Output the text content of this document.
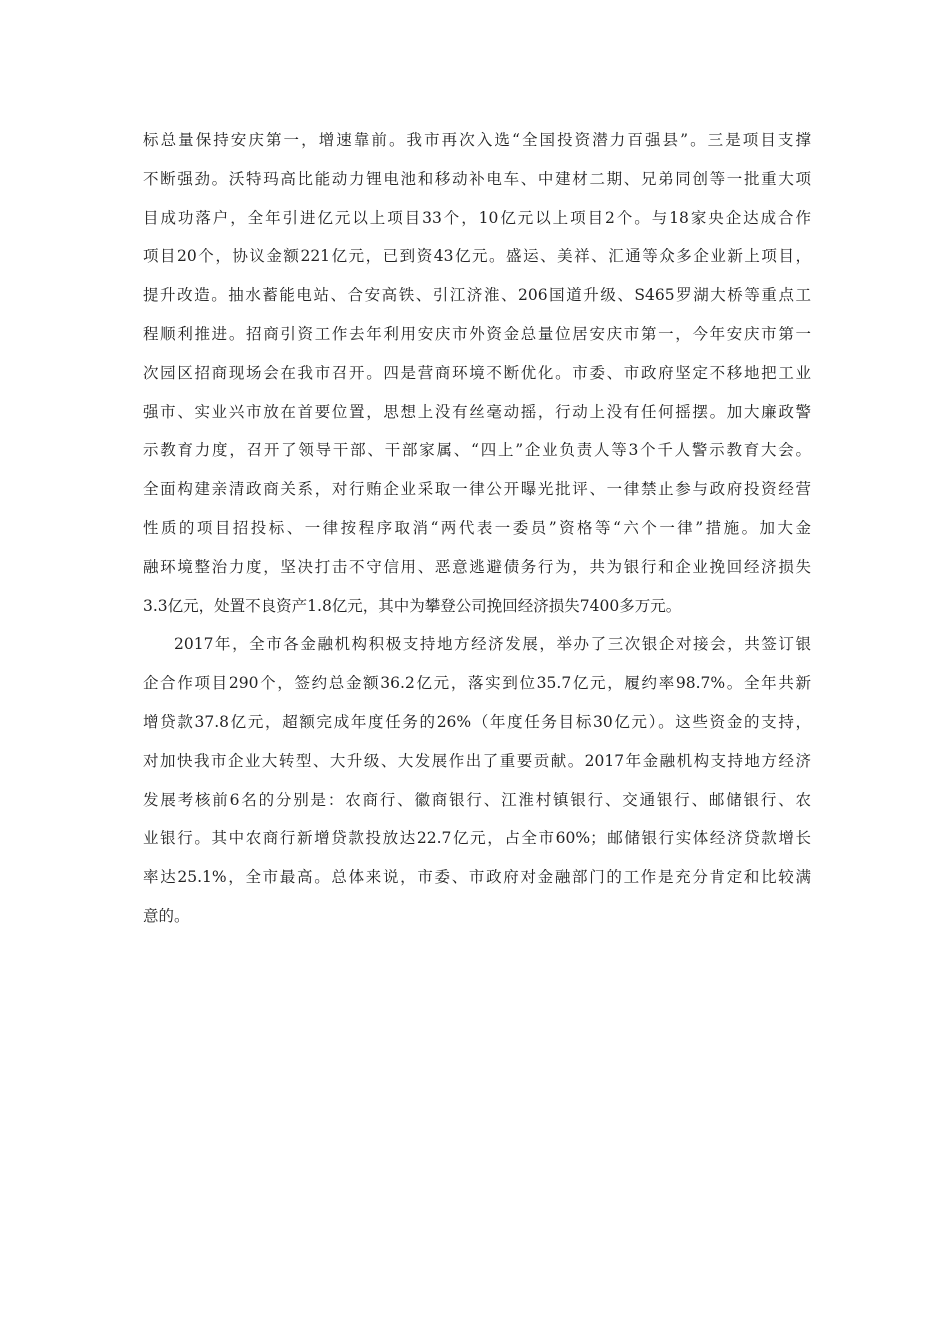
标总量保持安庆第一，增速靠前。我市再次入选“全国投资潜力百强县”。三是项目支撑
不断强劲。沃特玛高比能动力锂电池和移动补电车、中建材二期、兄弟同创等一批重大项
目成功落户，全年引进亿元以上项目33个，10亿元以上项目2个。与18家央企达成合作
项目20个，协议金额221亿元，已到资43亿元。盛运、美祥、汇通等众多企业新上项目，
提升改造。抽水蓄能电站、合安高铁、引江济淮、206国道升级、S465罗湖大桥等重点工
程顺利推进。招商引资工作去年利用安庆市外资金总量位居安庆市第一，今年安庆市第一
次园区招商现场会在我市召开。四是营商环境不断优化。市委、市政府坚定不移地把工业
强市、实业兴市放在首要位置，思想上没有丝毫动摇，行动上没有任何摇摆。加大廉政警
示教育力度，召开了领导干部、干部家属、“四上”企业负责人等3个千人警示教育大会。
全面构建亲清政商关系，对行贿企业采取一律公开曝光批评、一律禁止参与政府投资经营
性质的项目招投标、一律按程序取消“两代表一委员”资格等“六个一律”措施。加大金
融环境整治力度，坚决打击不守信用、恶意逃避债务行为，共为银行和企业挽回经济损失
3.3亿元，处置不良资产1.8亿元，其中为攀登公司挽回经济损失7400多万元。
2017年，全市各金融机构积极支持地方经济发展，举办了三次银企对接会，共签订银
企合作项目290个，签约总金额36.2亿元，落实到位35.7亿元，履约率98.7%。全年共新
增贷款37.8亿元，超额完成年度任务的26%（年度任务目标30亿元）。这些资金的支持，
对加快我市企业大转型、大升级、大发展作出了重要贡献。2017年金融机构支持地方经济
发展考核前6名的分别是：农商行、徽商银行、江淮村镇银行、交通银行、邮储银行、农
业银行。其中农商行新增贷款投放达22.7亿元，占全市60%；邮储银行实体经济贷款增长
率达25.1%，全市最高。总体来说，市委、市政府对金融部门的工作是充分肯定和比较满
意的。
